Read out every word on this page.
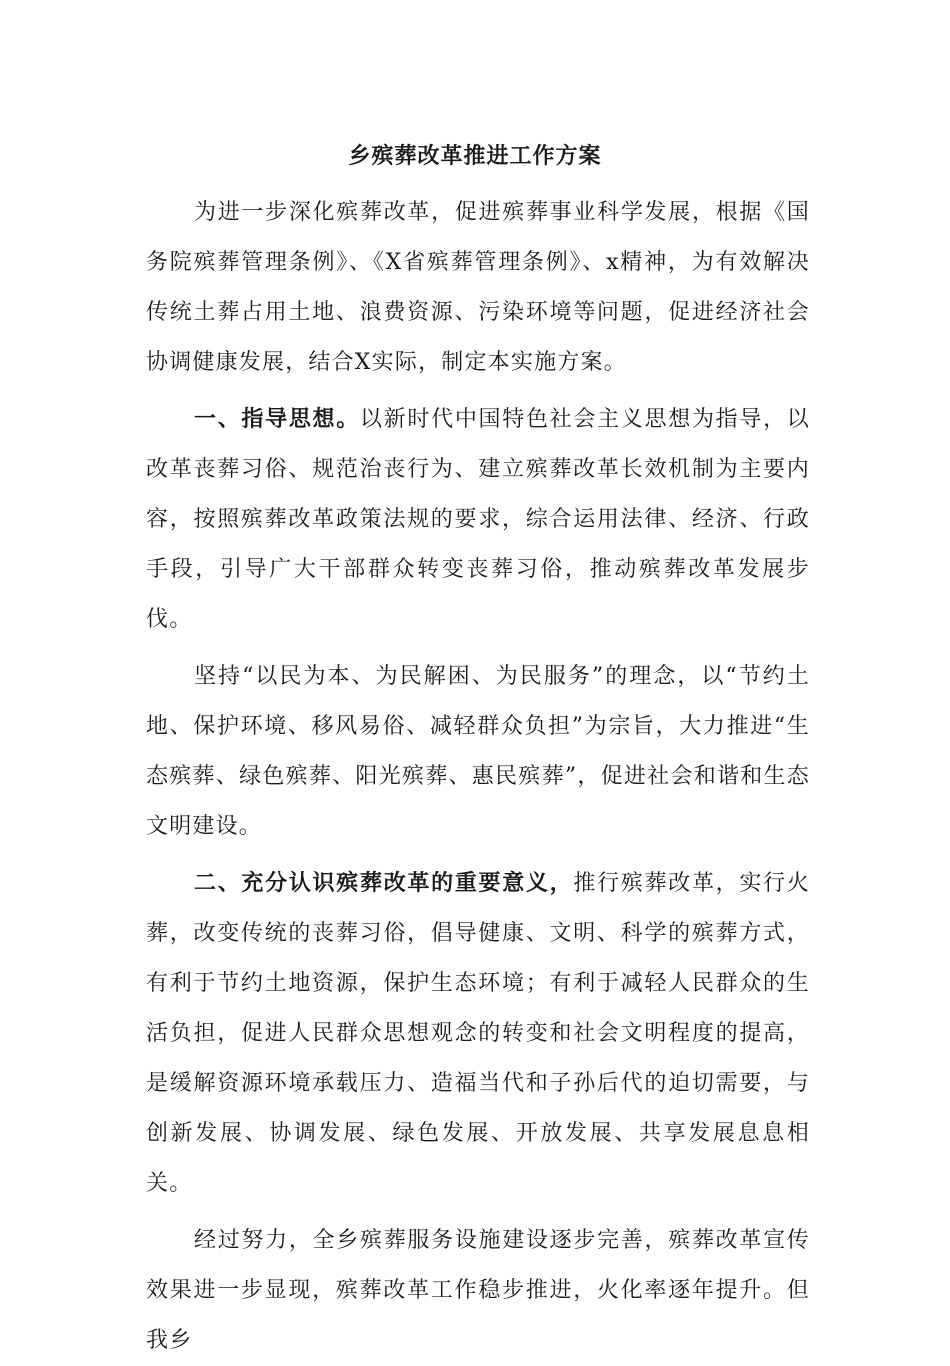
乡殡葬改革推进工作方案

为进一步深化殡葬改革，促进殡葬事业科学发展，根据《国务院殡葬管理条例》、《X省殡葬管理条例》、x精神，为有效解决传统土葬占用土地、浪费资源、污染环境等问题，促进经济社会协调健康发展，结合X实际，制定本实施方案。

一、指导思想。以新时代中国特色社会主义思想为指导，以改革丧葬习俗、规范治丧行为、建立殡葬改革长效机制为主要内容，按照殡葬改革政策法规的要求，综合运用法律、经济、行政手段，引导广大干部群众转变丧葬习俗，推动殡葬改革发展步伐。

坚持“以民为本、为民解困、为民服务”的理念，以“节约土地、保护环境、移风易俗、减轻群众负担”为宗旨，大力推进“生态殡葬、绿色殡葬、阳光殡葬、惠民殡葬”，促进社会和谐和生态文明建设。

二、充分认识殡葬改革的重要意义，推行殡葬改革，实行火葬，改变传统的丧葬习俗，倡导健康、文明、科学的殡葬方式，有利于节约土地资源，保护生态环境；有利于减轻人民群众的生活负担，促进人民群众思想观念的转变和社会文明程度的提高，是缓解资源环境承载压力、造福当代和子孙后代的迫切需要，与创新发展、协调发展、绿色发展、开放发展、共享发展息息相关。

经过努力，全乡殡葬服务设施建设逐步完善，殡葬改革宣传效果进一步显现，殡葬改革工作稳步推进，火化率逐年提升。但我乡
